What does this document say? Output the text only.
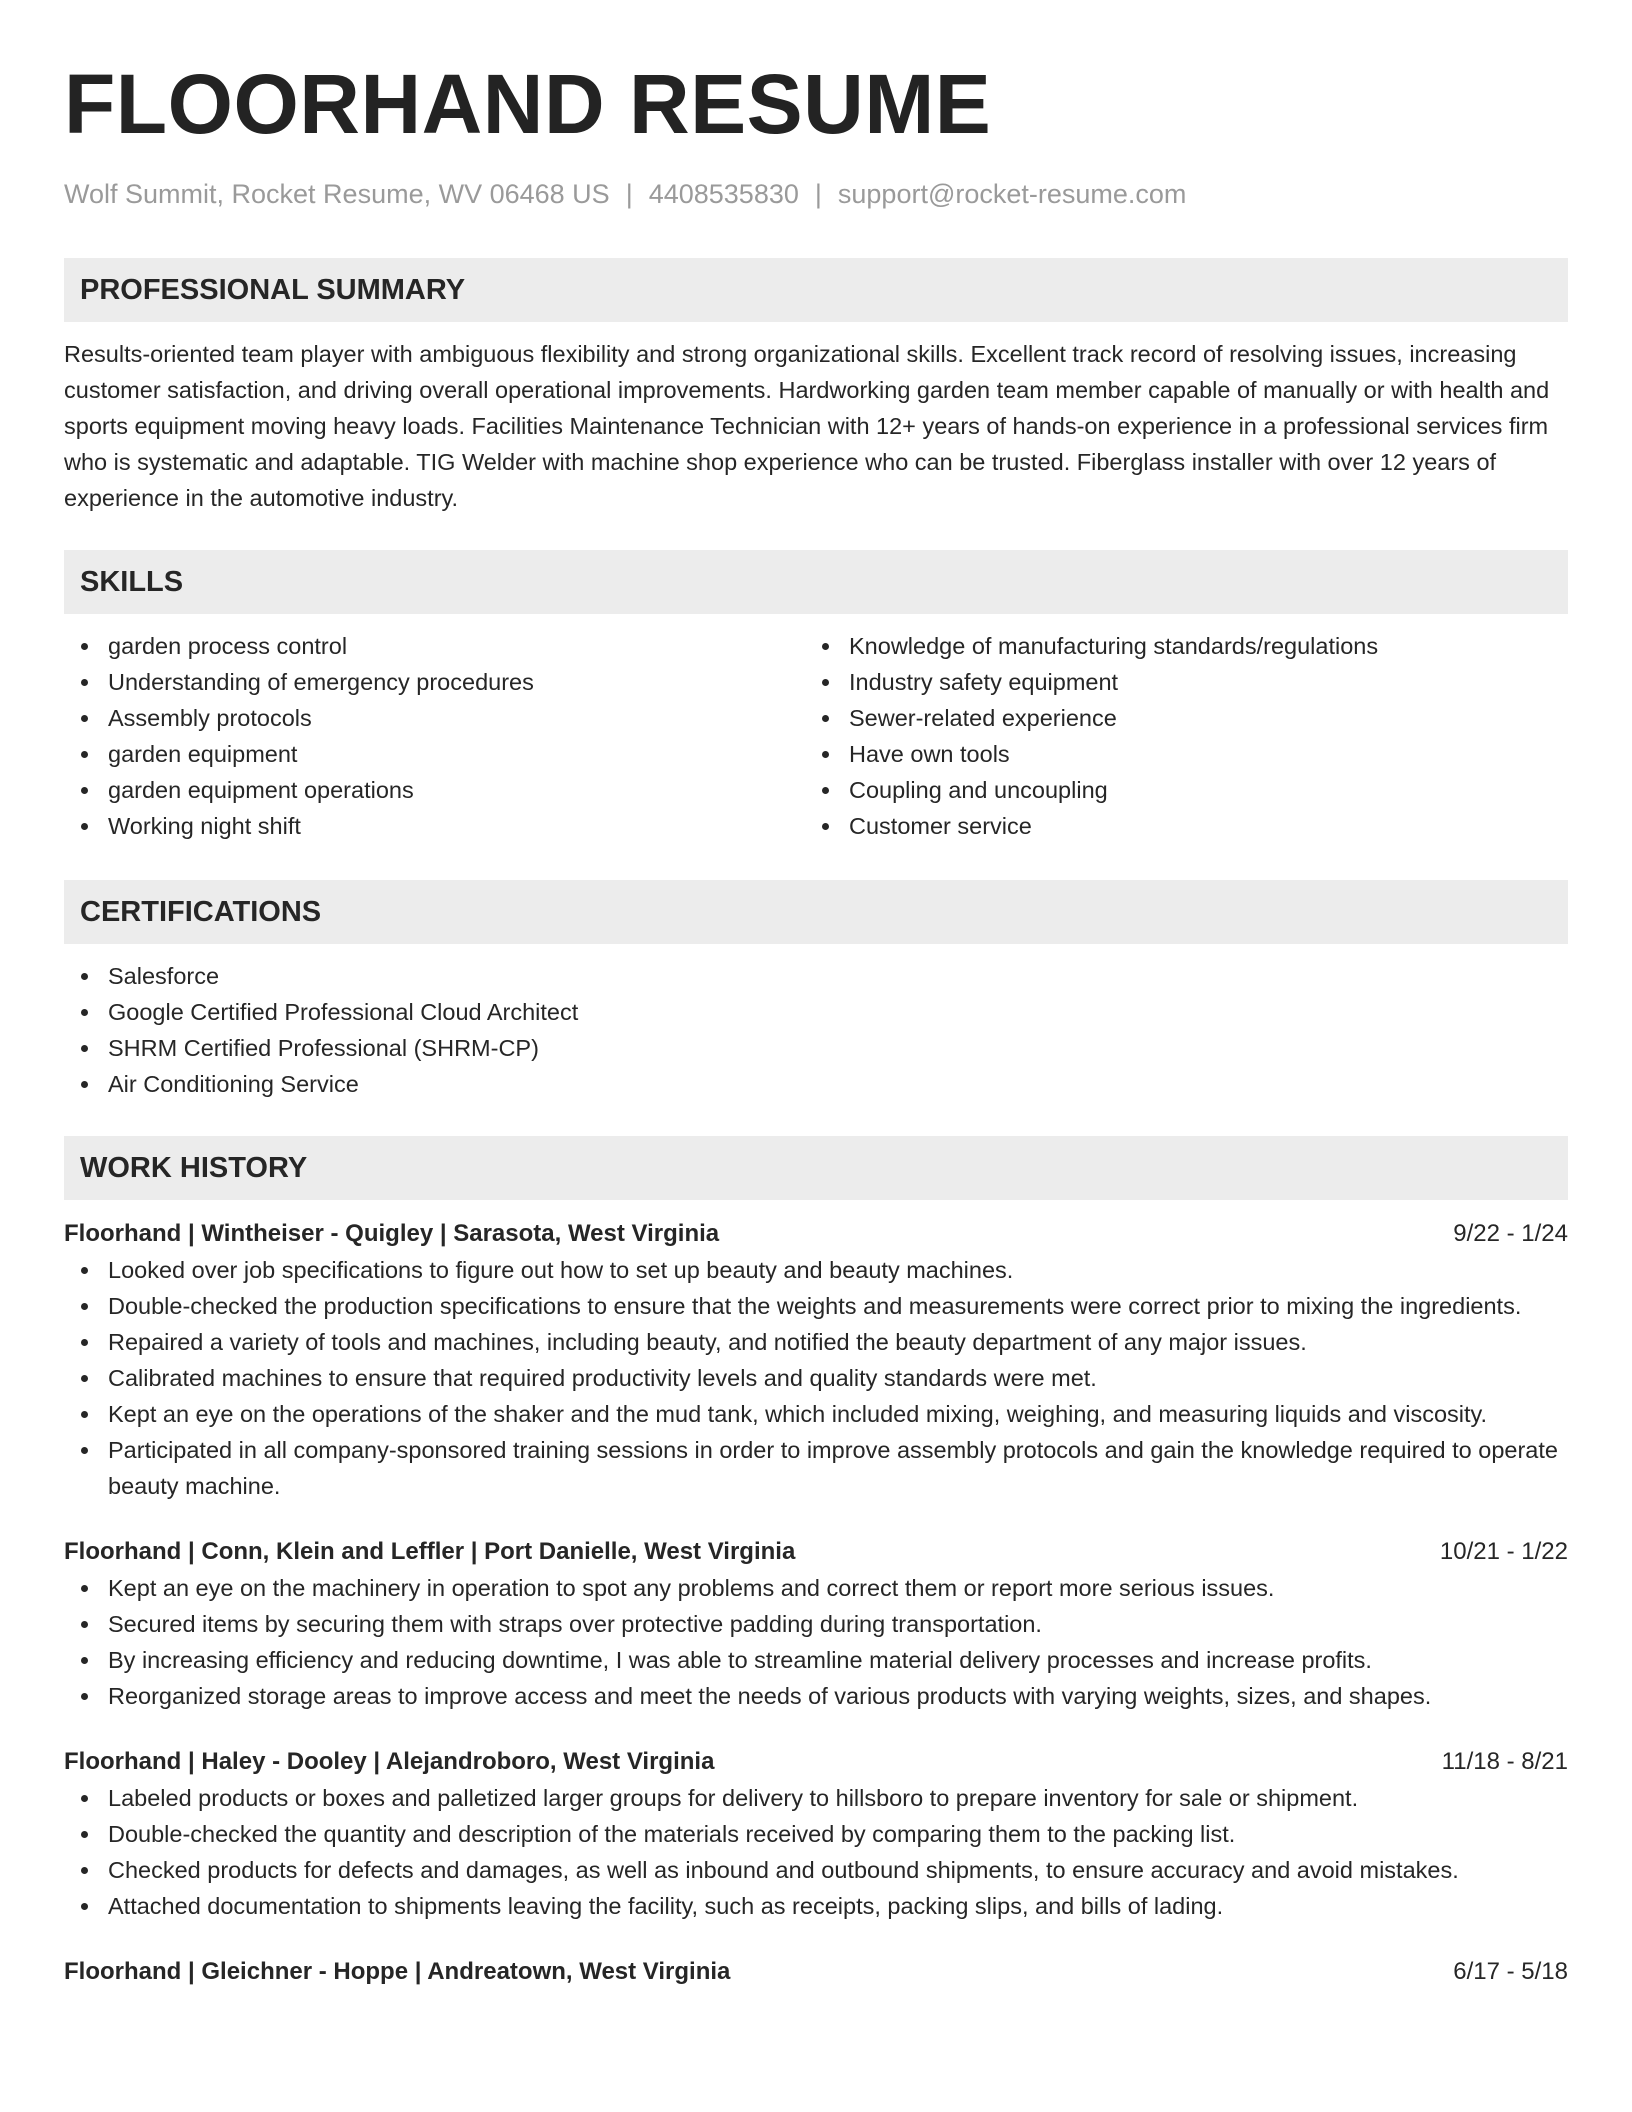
FLOORHAND RESUME
Wolf Summit, Rocket Resume, WV 06468 US | 4408535830 | support@rocket-resume.com
PROFESSIONAL SUMMARY
Results-oriented team player with ambiguous flexibility and strong organizational skills. Excellent track record of resolving issues, increasing customer satisfaction, and driving overall operational improvements. Hardworking garden team member capable of manually or with health and sports equipment moving heavy loads. Facilities Maintenance Technician with 12+ years of hands-on experience in a professional services firm who is systematic and adaptable. TIG Welder with machine shop experience who can be trusted. Fiberglass installer with over 12 years of experience in the automotive industry.
SKILLS
garden process control
Understanding of emergency procedures
Assembly protocols
garden equipment
garden equipment operations
Working night shift
Knowledge of manufacturing standards/regulations
Industry safety equipment
Sewer-related experience
Have own tools
Coupling and uncoupling
Customer service
CERTIFICATIONS
Salesforce
Google Certified Professional Cloud Architect
SHRM Certified Professional (SHRM-CP)
Air Conditioning Service
WORK HISTORY
Floorhand | Wintheiser - Quigley | Sarasota, West Virginia	9/22 - 1/24
Looked over job specifications to figure out how to set up beauty and beauty machines.
Double-checked the production specifications to ensure that the weights and measurements were correct prior to mixing the ingredients.
Repaired a variety of tools and machines, including beauty, and notified the beauty department of any major issues.
Calibrated machines to ensure that required productivity levels and quality standards were met.
Kept an eye on the operations of the shaker and the mud tank, which included mixing, weighing, and measuring liquids and viscosity.
Participated in all company-sponsored training sessions in order to improve assembly protocols and gain the knowledge required to operate beauty machine.
Floorhand | Conn, Klein and Leffler | Port Danielle, West Virginia	10/21 - 1/22
Kept an eye on the machinery in operation to spot any problems and correct them or report more serious issues.
Secured items by securing them with straps over protective padding during transportation.
By increasing efficiency and reducing downtime, I was able to streamline material delivery processes and increase profits.
Reorganized storage areas to improve access and meet the needs of various products with varying weights, sizes, and shapes.
Floorhand | Haley - Dooley | Alejandroboro, West Virginia	11/18 - 8/21
Labeled products or boxes and palletized larger groups for delivery to hillsboro to prepare inventory for sale or shipment.
Double-checked the quantity and description of the materials received by comparing them to the packing list.
Checked products for defects and damages, as well as inbound and outbound shipments, to ensure accuracy and avoid mistakes.
Attached documentation to shipments leaving the facility, such as receipts, packing slips, and bills of lading.
Floorhand | Gleichner - Hoppe | Andreatown, West Virginia	6/17 - 5/18
